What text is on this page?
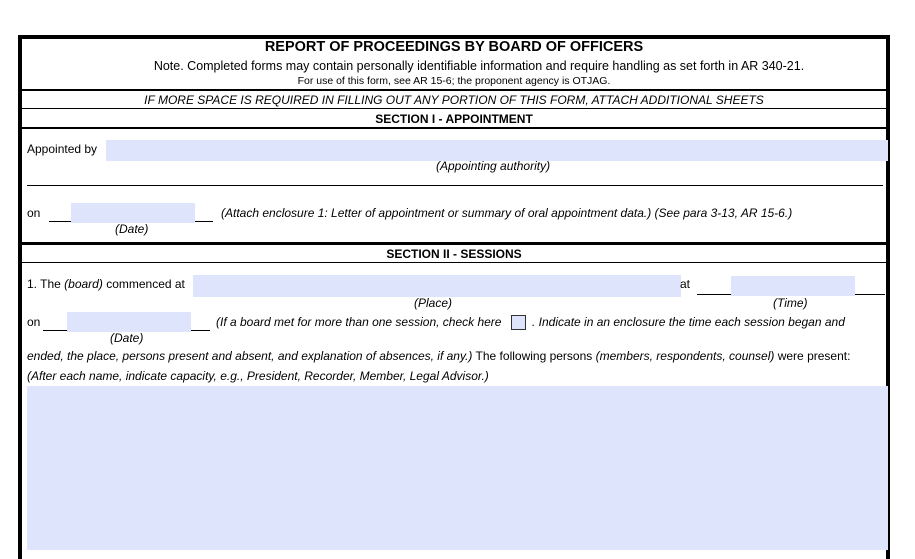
REPORT OF PROCEEDINGS BY BOARD OF OFFICERS
Note. Completed forms may contain personally identifiable information and require handling as set forth in AR 340-21.
For use of this form, see AR 15-6; the proponent agency is OTJAG.
IF MORE SPACE IS REQUIRED IN FILLING OUT ANY PORTION OF THIS FORM, ATTACH ADDITIONAL SHEETS
SECTION I - APPOINTMENT
Appointed by
(Appointing authority)
on
(Date)
(Attach enclosure 1: Letter of appointment or summary of oral appointment data.) (See para 3-13, AR 15-6.)
SECTION II - SESSIONS
1. The (board) commenced at
(Place)
at
(Time)
on
(Date)
(If a board met for more than one session, check here	. Indicate in an enclosure the time each session began and
ended, the place, persons present and absent, and explanation of absences, if any.) The following persons (members, respondents, counsel) were present:
(After each name, indicate capacity, e.g., President, Recorder, Member, Legal Advisor.)
